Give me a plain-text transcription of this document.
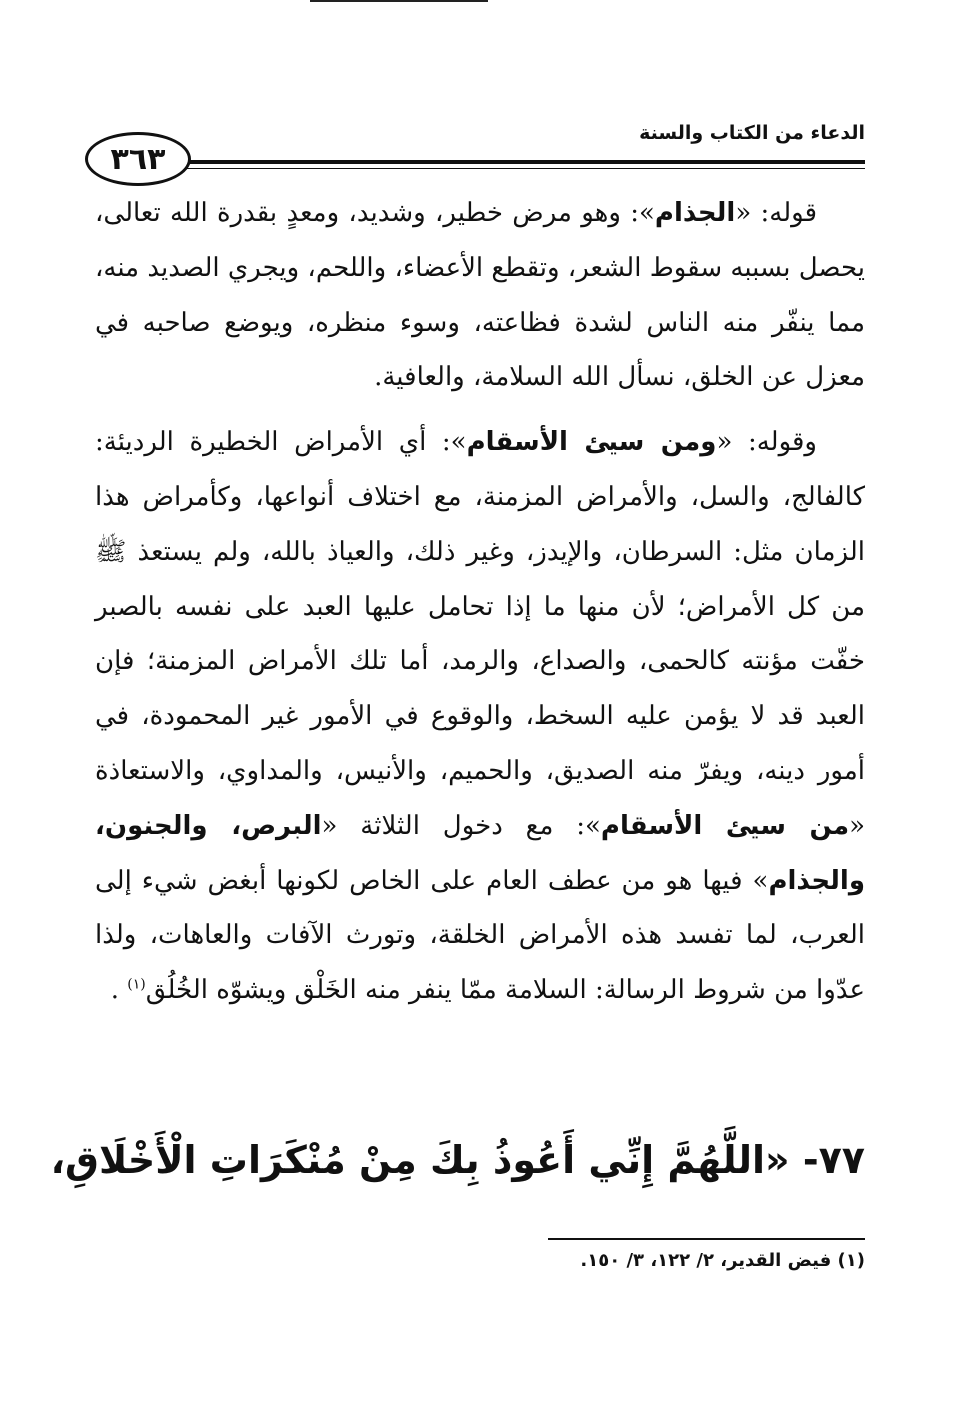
٣٦٣
الدعاء من الكتاب والسنة

قوله: «الجذام»: وهو مرض خطير، وشديد، ومعدٍ بقدرة الله تعالى، يحصل بسببه سقوط الشعر، وتقطع الأعضاء، واللحم، ويجري الصديد منه، مما ينفّر منه الناس لشدة فظاعته، وسوء منظره، ويوضع صاحبه في معزل عن الخلق، نسأل الله السلامة، والعافية.

وقوله: «ومن سيئ الأسقام»: أي الأمراض الخطيرة الرديئة: كالفالج، والسل، والأمراض المزمنة، مع اختلاف أنواعها، وكأمراض هذا الزمان مثل: السرطان، والإيدز، وغير ذلك، والعياذ بالله، ولم يستعذ ﷺ من كل الأمراض؛ لأن منها ما إذا تحامل عليها العبد على نفسه بالصبر خفّت مؤنته كالحمى، والصداع، والرمد، أما تلك الأمراض المزمنة؛ فإن العبد قد لا يؤمن عليه السخط، والوقوع في الأمور غير المحمودة، في أمور دينه، ويفرّ منه الصديق، والحميم، والأنيس، والمداوي، والاستعاذة «من سيئ الأسقام»: مع دخول الثلاثة «البرص، والجنون، والجذام» فيها هو من عطف العام على الخاص لكونها أبغض شيء إلى العرب، لما تفسد هذه الأمراض الخلقة، وتورث الآفات والعاهات، ولذا عدّوا من شروط الرسالة: السلامة ممّا ينفر منه الخَلْق ويشوّه الخُلُق$^{(١)}$ .

٧٧- «اللَّهُمَّ إِنِّي أَعُوذُ بِكَ مِنْ مُنْكَرَاتِ الْأَخْلَاقِ،
(١) فيض القدير، ٢/ ١٢٢، ٣/ ١٥٠.
